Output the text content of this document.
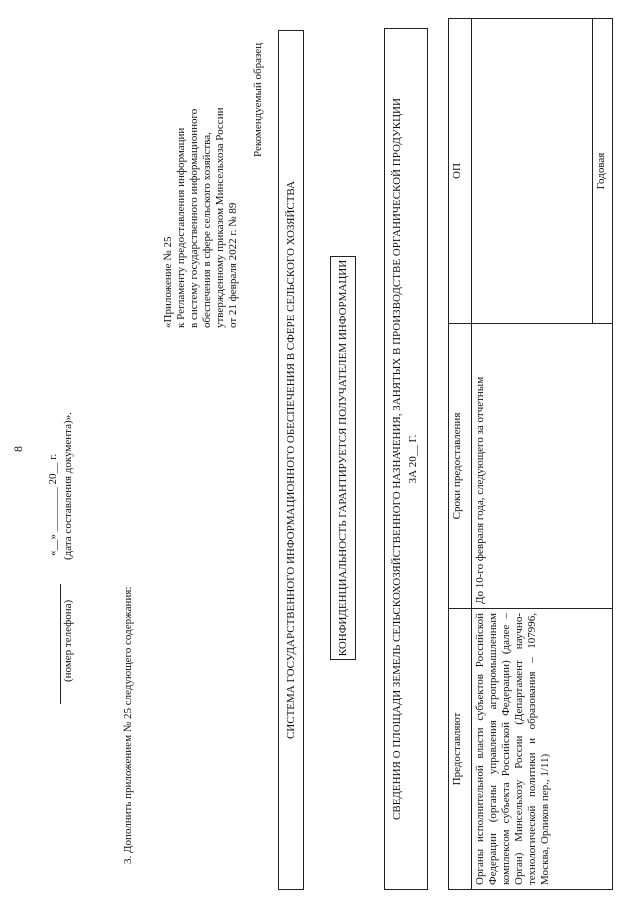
8
(номер телефона)
«__» ________ 20__ г. (дата составления документа)».
3. Дополнить приложением № 25 следующего содержания:
«Приложение № 25 к Регламенту предоставления информации в систему государственного информационного обеспечения в сфере сельского хозяйства, утвержденному приказом Минсельхоза России от 21 февраля 2022 г. № 89
Рекомендуемый образец
СИСТЕМА ГОСУДАРСТВЕННОГО ИНФОРМАЦИОННОГО ОБЕСПЕЧЕНИЯ В СФЕРЕ СЕЛЬСКОГО ХОЗЯЙСТВА	КОНФИДЕНЦИАЛЬНОСТЬ ГАРАНТИРУЕТСЯ ПОЛУЧАТЕЛЕМ ИНФОРМАЦИИ	СВЕДЕНИЯ О ПЛОЩАДИ ЗЕМЕЛЬ СЕЛЬСКОХОЗЯЙСТВЕННОГО НАЗНАЧЕНИЯ, ЗАНЯТЫХ В ПРОИЗВОДСТВЕ ОРГАНИЧЕСКОЙ ПРОДУКЦИИ ЗА 20__ Г.
Предоставляют	Сроки предоставления	ОП
Органы исполнительной власти субъектов Российской Федерации (органы управления агропромышленным комплексом субъекта Российской Федерации) (далее – Орган) Минсельхозу России (Департамент научно-технологической политики и образования – 107996, Москва, Орликов пер., 1/11)	До 10-го февраля года, следующего за отчетным	Годовая
